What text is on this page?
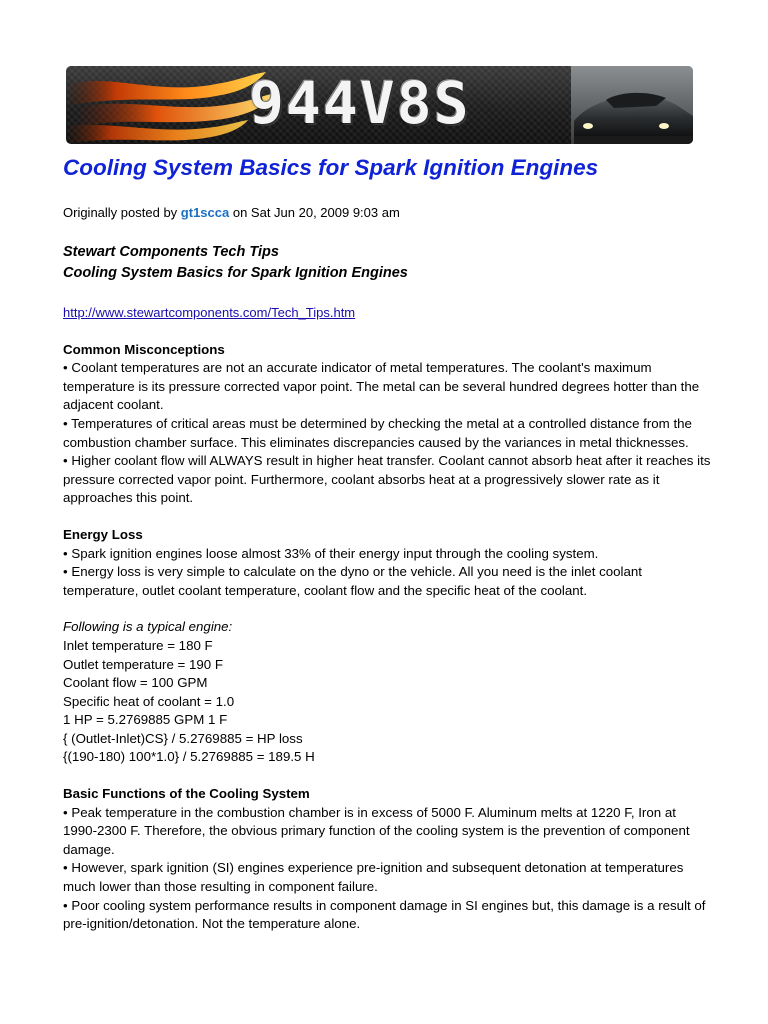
944V8S
Cooling System Basics for Spark Ignition Engines
Originally posted by gt1scca on Sat Jun 20, 2009 9:03 am
Stewart Components Tech Tips
Cooling System Basics for Spark Ignition Engines
http://www.stewartcomponents.com/Tech_Tips.htm
Common Misconceptions

• Coolant temperatures are not an accurate indicator of metal temperatures. The coolant's maximum temperature is its pressure corrected vapor point. The metal can be several hundred degrees hotter than the adjacent coolant.

• Temperatures of critical areas must be determined by checking the metal at a controlled distance from the combustion chamber surface. This eliminates discrepancies caused by the variances in metal thicknesses.

• Higher coolant flow will ALWAYS result in higher heat transfer. Coolant cannot absorb heat after it reaches its pressure corrected vapor point. Furthermore, coolant absorbs heat at a progressively slower rate as it approaches this point.

Energy Loss

• Spark ignition engines loose almost 33% of their energy input through the cooling system.

• Energy loss is very simple to calculate on the dyno or the vehicle. All you need is the inlet coolant temperature, outlet coolant temperature, coolant flow and the specific heat of the coolant.

Following is a typical engine:

Inlet temperature = 180 F

Outlet temperature = 190 F

Coolant flow = 100 GPM

Specific heat of coolant = 1.0

1 HP = 5.2769885 GPM 1 F

{ (Outlet-Inlet)CS} / 5.2769885 = HP loss

{(190-180) 100*1.0} / 5.2769885 = 189.5 H

Basic Functions of the Cooling System

• Peak temperature in the combustion chamber is in excess of 5000 F. Aluminum melts at 1220 F, Iron at 1990-2300 F. Therefore, the obvious primary function of the cooling system is the prevention of component damage.

• However, spark ignition (SI) engines experience pre-ignition and subsequent detonation at temperatures much lower than those resulting in component failure.

• Poor cooling system performance results in component damage in SI engines but, this damage is a result of pre-ignition/detonation. Not the temperature alone.
